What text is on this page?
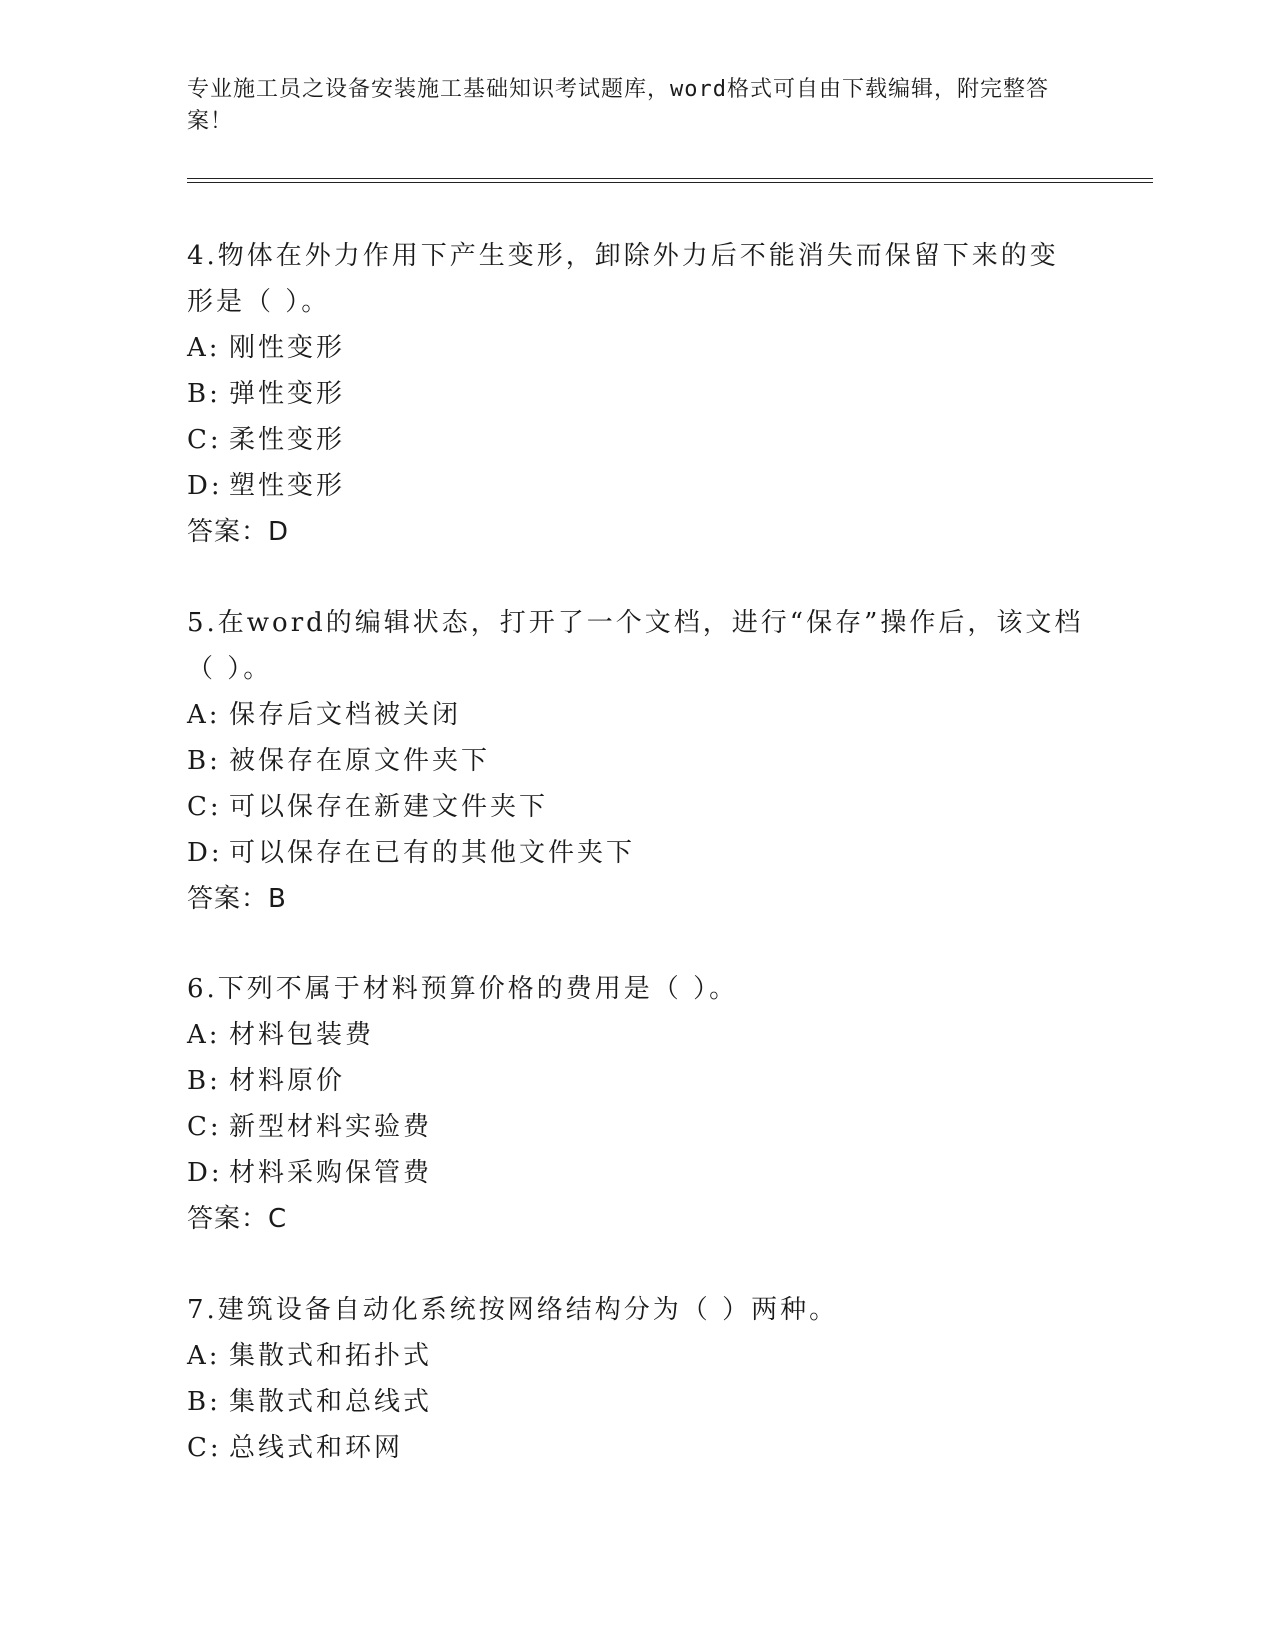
专业施工员之设备安装施工基础知识考试题库，word格式可自由下载编辑，附完整答案！

4.物体在外力作用下产生变形，卸除外力后不能消失而保留下来的变形是（ ）。

A: 刚性变形

B: 弹性变形

C: 柔性变形

D: 塑性变形

答案：D

5.在word的编辑状态，打开了一个文档，进行“保存”操作后，该文档（ ）。

A: 保存后文档被关闭

B: 被保存在原文件夹下

C: 可以保存在新建文件夹下

D: 可以保存在已有的其他文件夹下

答案：B

6.下列不属于材料预算价格的费用是（ ）。

A: 材料包装费

B: 材料原价

C: 新型材料实验费

D: 材料采购保管费

答案：C

7.建筑设备自动化系统按网络结构分为（ ）两种。

A: 集散式和拓扑式

B: 集散式和总线式

C: 总线式和环网
